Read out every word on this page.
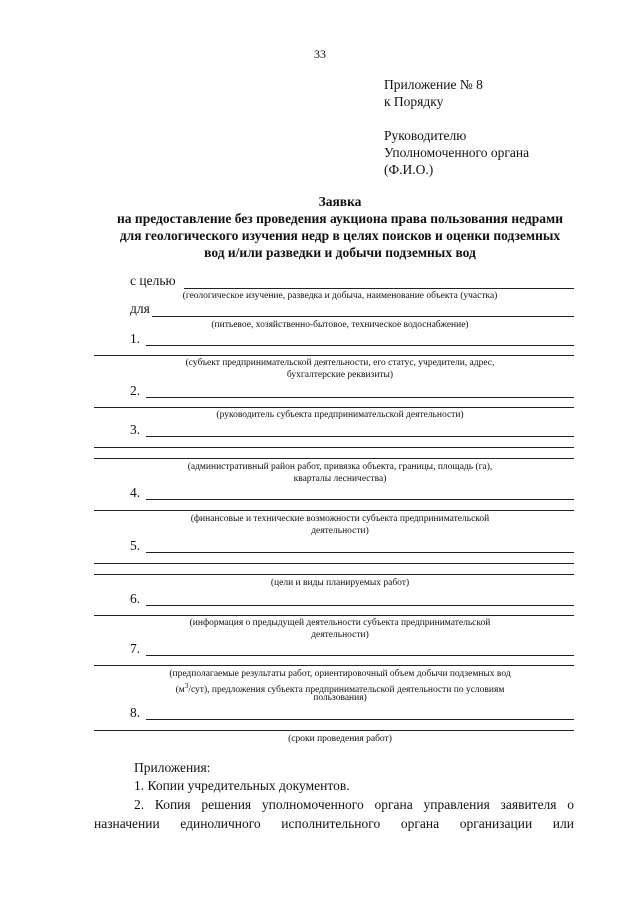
33
Приложение № 8
к Порядку
Руководителю
Уполномоченного органа
(Ф.И.О.)
Заявка
на предоставление без проведения аукциона права пользования недрами
для геологического изучения недр в целях поисков и оценки подземных
вод и/или разведки и добычи подземных вод
с целью
(геологическое изучение, разведка и добыча, наименование объекта (участка)
для
(питьевое, хозяйственно-бытовое, техническое водоснабжение)
1.
(субъект предпринимательской деятельности, его статус, учредители, адрес,
бухгалтерские реквизиты)
2.
(руководитель субъекта предпринимательской деятельности)
3.
(административный район работ, привязка объекта, границы, площадь (га),
кварталы лесничества)
4.
(финансовые и технические возможности субъекта предпринимательской
деятельности)
5.
(цели и виды планируемых работ)
6.
(информация о предыдущей деятельности субъекта предпринимательской
деятельности)
7.
(предполагаемые результаты работ, ориентировочный объем добычи подземных вод
$(м^3/сут)$, предложения субъекта предпринимательской деятельности по условиям
пользования)
8.
(сроки проведения работ)
Приложения:
1. Копии учредительных документов.
2. Копия решения уполномоченного органа управления заявителя о
назначении единоличного исполнительного органа организации или
